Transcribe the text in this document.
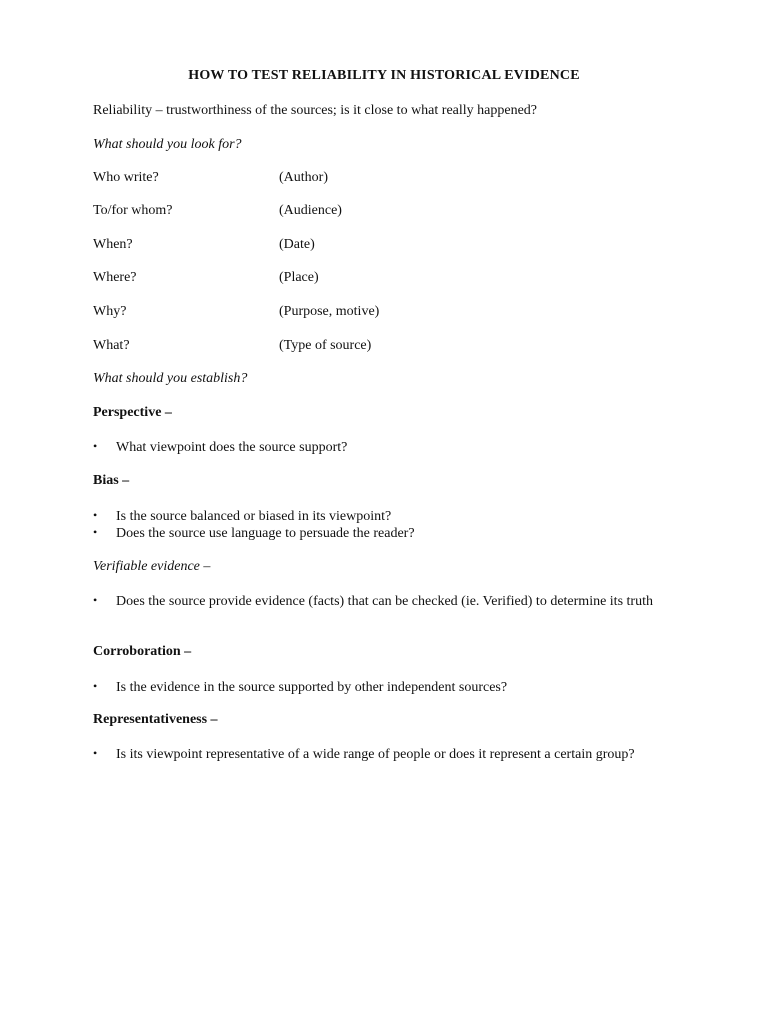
HOW TO TEST RELIABILITY IN HISTORICAL EVIDENCE
Reliability – trustworthiness of the sources; is it close to what really happened?
What should you look for?
Who write?	(Author)
To/for whom?	(Audience)
When?	(Date)
Where?	(Place)
Why?	(Purpose, motive)
What?	(Type of source)
What should you establish?
Perspective –
• What viewpoint does the source support?
Bias –
• Is the source balanced or biased in its viewpoint?
• Does the source use language to persuade the reader?
Verifiable evidence –
• Does the source provide evidence (facts) that can be checked (ie. Verified) to determine its truth
Corroboration –
• Is the evidence in the source supported by other independent sources?
Representativeness –
• Is its viewpoint representative of a wide range of people or does it represent a certain group?
